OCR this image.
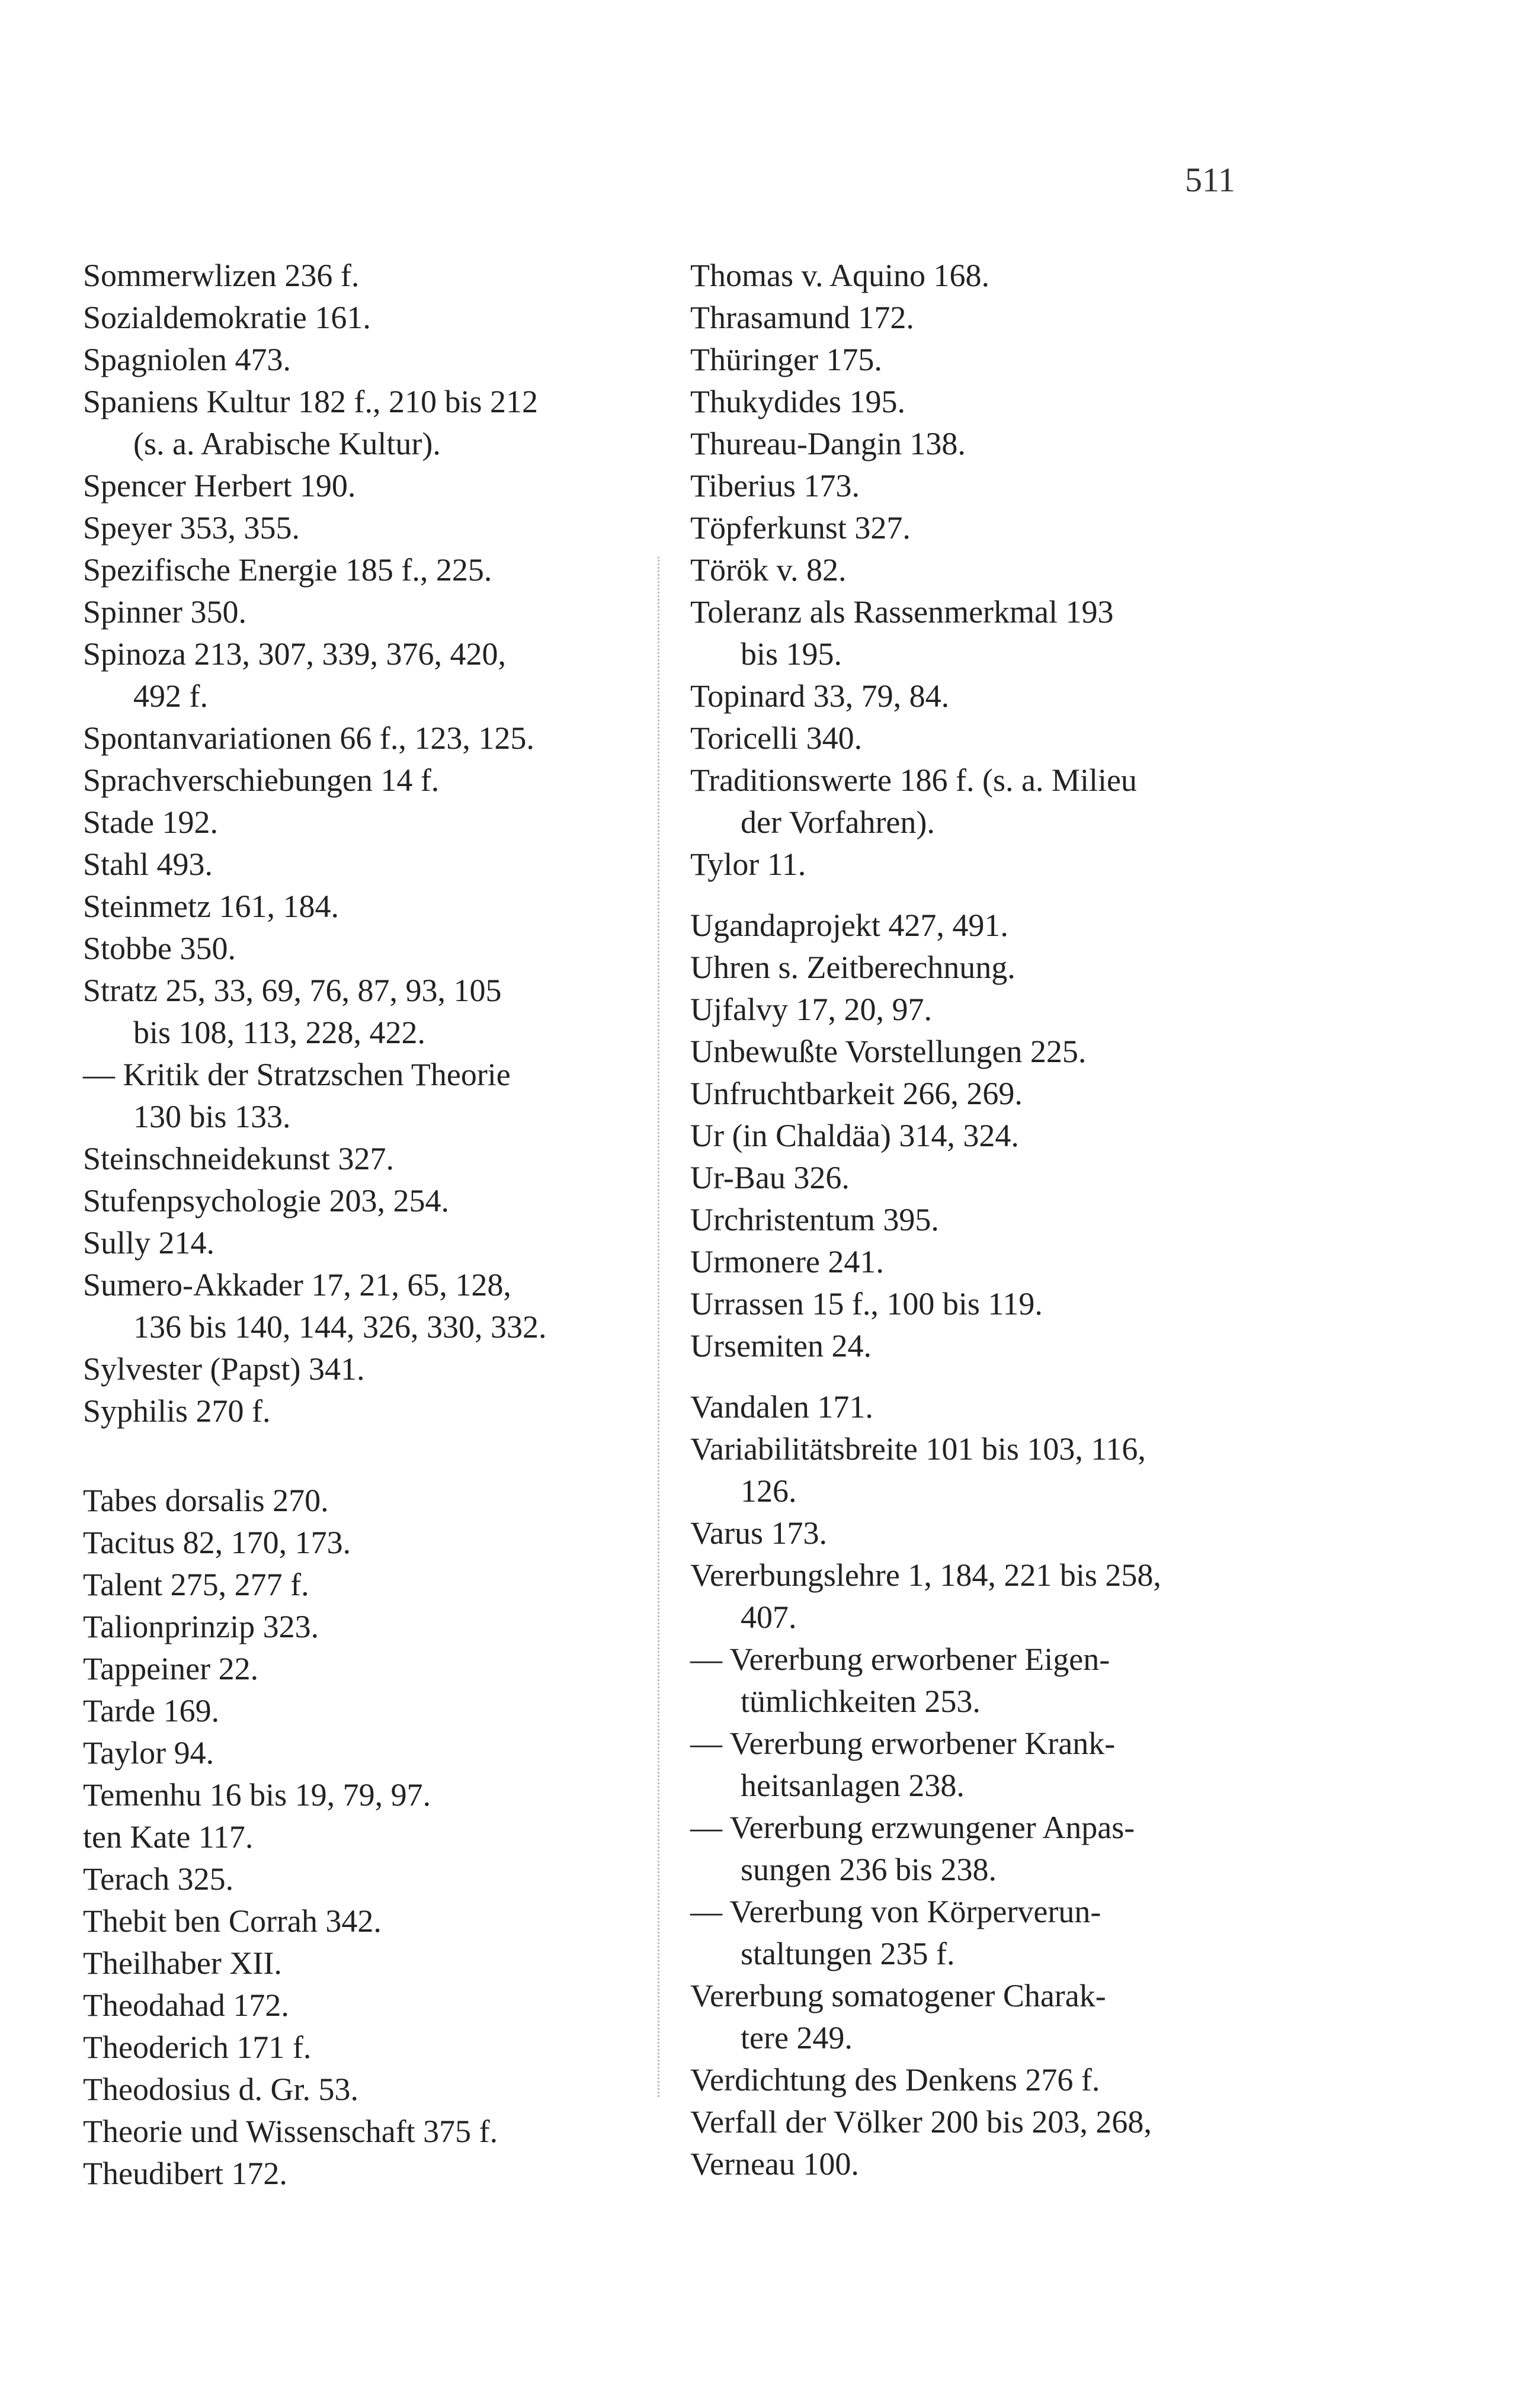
511
Sommerwlizen 236 f.
Sozialdemokratie 161.
Spagniolen 473.
Spaniens Kultur 182 f., 210 bis 212
(s. a. Arabische Kultur).
Spencer Herbert 190.
Speyer 353, 355.
Spezifische Energie 185 f., 225.
Spinner 350.
Spinoza 213, 307, 339, 376, 420,
492 f.
Spontanvariationen 66 f., 123, 125.
Sprachverschiebungen 14 f.
Stade 192.
Stahl 493.
Steinmetz 161, 184.
Stobbe 350.
Stratz 25, 33, 69, 76, 87, 93, 105
bis 108, 113, 228, 422.
— Kritik der Stratzschen Theorie
130 bis 133.
Steinschneidekunst 327.
Stufenpsychologie 203, 254.
Sully 214.
Sumero-Akkader 17, 21, 65, 128,
136 bis 140, 144, 326, 330, 332.
Sylvester (Papst) 341.
Syphilis 270 f.
Tabes dorsalis 270.
Tacitus 82, 170, 173.
Talent 275, 277 f.
Talionprinzip 323.
Tappeiner 22.
Tarde 169.
Taylor 94.
Temenhu 16 bis 19, 79, 97.
ten Kate 117.
Terach 325.
Thebit ben Corrah 342.
Theilhaber XII.
Theodahad 172.
Theoderich 171 f.
Theodosius d. Gr. 53.
Theorie und Wissenschaft 375 f.
Theudibert 172.
Thomas v. Aquino 168.
Thrasamund 172.
Thüringer 175.
Thukydides 195.
Thureau-Dangin 138.
Tiberius 173.
Töpferkunst 327.
Török v. 82.
Toleranz als Rassenmerkmal 193
bis 195.
Topinard 33, 79, 84.
Toricelli 340.
Traditionswerte 186 f. (s. a. Milieu
der Vorfahren).
Tylor 11.
Ugandaprojekt 427, 491.
Uhren s. Zeitberechnung.
Ujfalvy 17, 20, 97.
Unbewußte Vorstellungen 225.
Unfruchtbarkeit 266, 269.
Ur (in Chaldäa) 314, 324.
Ur-Bau 326.
Urchristentum 395.
Urmonere 241.
Urrassen 15 f., 100 bis 119.
Ursemiten 24.
Vandalen 171.
Variabilitätsbreite 101 bis 103, 116,
126.
Varus 173.
Vererbungslehre 1, 184, 221 bis 258,
407.
— Vererbung erworbener Eigen-
tümlichkeiten 253.
— Vererbung erworbener Krank-
heitsanlagen 238.
— Vererbung erzwungener Anpas-
sungen 236 bis 238.
— Vererbung von Körperverun-
staltungen 235 f.
Vererbung somatogener Charak-
tere 249.
Verdichtung des Denkens 276 f.
Verfall der Völker 200 bis 203, 268,
Verneau 100.
